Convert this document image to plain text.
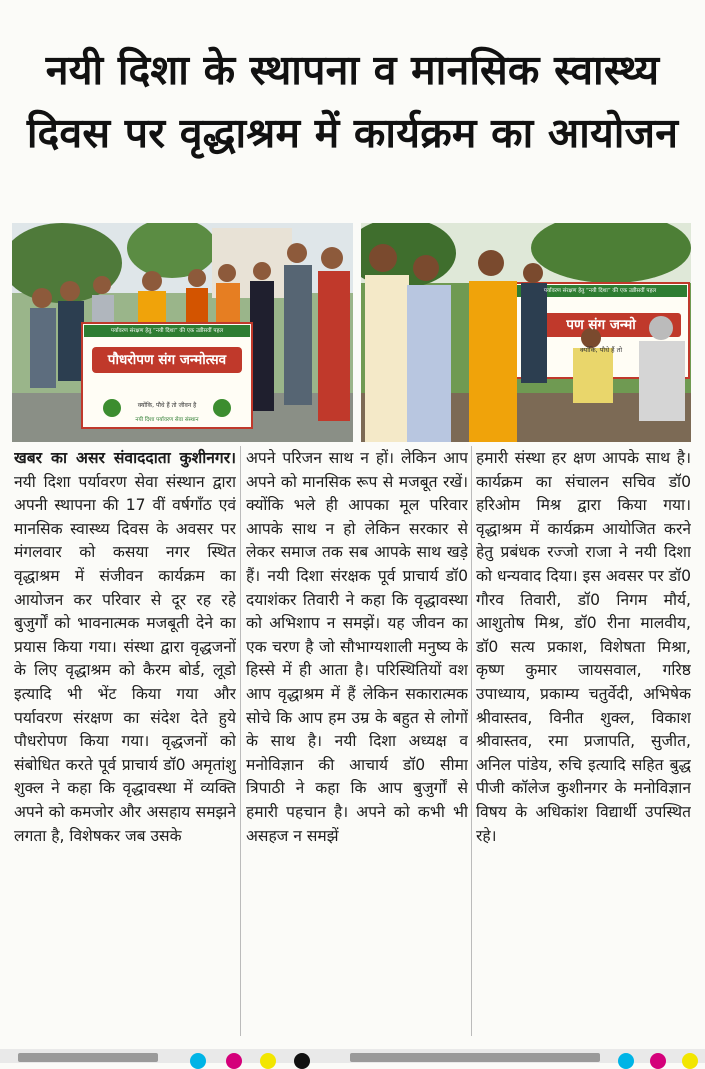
नयी दिशा के स्थापना व मानसिक स्वास्थ्य दिवस पर वृद्धाश्रम में कार्यक्रम का आयोजन
पर्यावरण संरक्षण हेतु “नयी दिशा” की एक उन्नीसवीं पहल
पौधरोपण संग जन्मोत्सव
क्योंकि, पौधे हैं तो जीवन है
नयी दिशा पर्यावरण सेवा संस्थान
पर्यावरण संरक्षण हेतु “नयी दिशा” की एक उन्नीसवीं पहल
पण संग जन्मो
क्योंकि, पौधे हैं तो

खबर का असर संवाददाता कुशीनगर। नयी दिशा पर्यावरण सेवा संस्थान द्वारा अपनी स्थापना की 17 वीं वर्षगाँठ एवं मानसिक स्वास्थ्य दिवस के अवसर पर मंगलवार को कसया नगर स्थित वृद्धाश्रम में संजीवन कार्यक्रम का आयोजन कर परिवार से दूर रह रहे बुजुर्गों को भावनात्मक मजबूती देने का प्रयास किया गया। संस्था द्वारा वृद्धजनों के लिए वृद्धाश्रम को कैरम बोर्ड, लूडो इत्यादि भी भेंट किया गया और पर्यावरण संरक्षण का संदेश देते हुये पौधरोपण किया गया। वृद्धजनों को संबोधित करते पूर्व प्राचार्य डॉ0 अमृतांशु शुक्ल ने कहा कि वृद्धावस्था में व्यक्ति अपने को कमजोर और असहाय समझने लगता है, विशेषकर जब उसके

अपने परिजन साथ न हों। लेकिन आप अपने को मानसिक रूप से मजबूत रखें। क्योंकि भले ही आपका मूल परिवार आपके साथ न हो लेकिन सरकार से लेकर समाज तक सब आपके साथ खड़े हैं। नयी दिशा संरक्षक पूर्व प्राचार्य डॉ0 दयाशंकर तिवारी ने कहा कि वृद्धावस्था को अभिशाप न समझें। यह जीवन का एक चरण है जो सौभाग्यशाली मनुष्य के हिस्से में ही आता है। परिस्थितियों वश आप वृद्धाश्रम में हैं लेकिन सकारात्मक सोचे कि आप हम उम्र के बहुत से लोगों के साथ है। नयी दिशा अध्यक्ष व मनोविज्ञान की आचार्य डॉ0 सीमा त्रिपाठी ने कहा कि आप बुजुर्गों से हमारी पहचान है। अपने को कभी भी असहज न समझें

हमारी संस्था हर क्षण आपके साथ है। कार्यक्रम का संचालन सचिव डॉ0 हरिओम मिश्र द्वारा किया गया। वृद्धाश्रम में कार्यक्रम आयोजित करने हेतु प्रबंधक रज्जो राजा ने नयी दिशा को धन्यवाद दिया। इस अवसर पर डॉ0 गौरव तिवारी, डॉ0 निगम मौर्य, आशुतोष मिश्र, डॉ0 रीना मालवीय, डॉ0 सत्य प्रकाश, विशेषता मिश्रा, कृष्ण कुमार जायसवाल, गरिष्ठ उपाध्याय, प्रकाम्य चतुर्वेदी, अभिषेक श्रीवास्तव, विनीत शुक्ल, विकाश श्रीवास्तव, रमा प्रजापति, सुजीत, अनिल पांडेय, रुचि इत्यादि सहित बुद्ध पीजी कॉलेज कुशीनगर के मनोविज्ञान विषय के अधिकांश विद्यार्थी उपस्थित रहे।
